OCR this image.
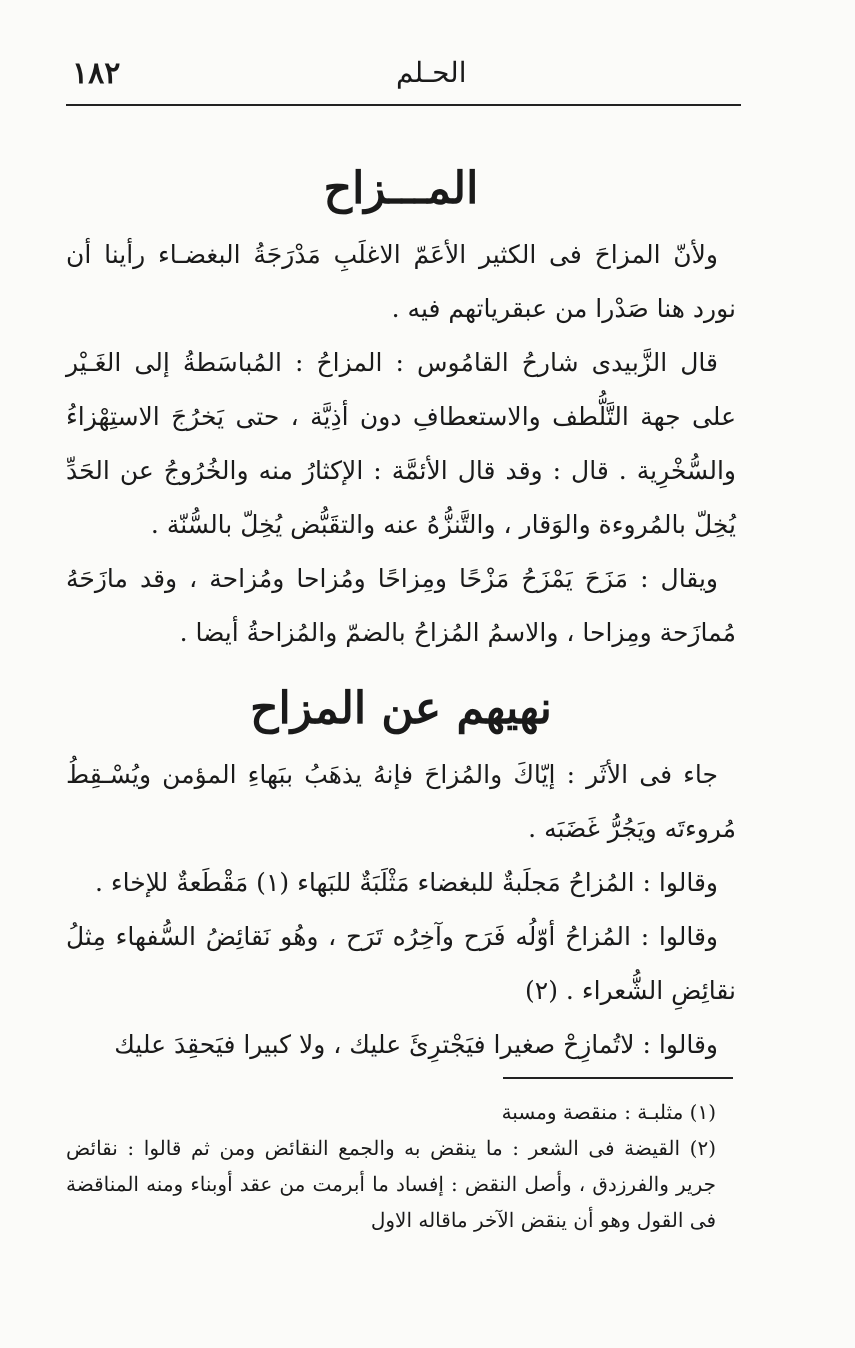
١٨٢	الحـلم
المـــزاح

ولأنّ المزاحَ فى الكثير الأعَمّ الاغلَبِ مَدْرَجَةُ البغضـاء رأينا أن نورد هنا صَدْرا من عبقرياتهم فيه .

قال الزَّبيدى شارحُ القامُوس : المزاحُ : المُباسَطةُ إلى الغَـيْر على جهة التَّلُّطف والاستعطافِ دون أذِيَّة ، حتى يَخرُجَ الاستِهْزاءُ والسُّخْرِية . قال : وقد قال الأئمَّة : الإكثارُ منه والخُرُوجُ عن الحَدِّ يُخِلّ بالمُروءة والوَقار ، والتَّنزُّهُ عنه والتقَبُّض يُخِلّ بالسُّنّة .

ويقال : مَزَحَ يَمْزَحُ مَزْحًا ومِزاحًا ومُزاحا ومُزاحة ، وقد مازَحَهُ مُمازَحة ومِزاحا ، والاسمُ المُزاحُ بالضمّ والمُزاحةُ أيضا .

نهيهم عن المزاح

جاء فى الأثَر : إيّاكَ والمُزاحَ فإنهُ يذهَبُ ببَهاءِ المؤمن ويُسْـقِطُ مُروءتَه ويَجُرُّ غَضَبَه .

وقالوا : المُزاحُ مَجلَبةٌ للبغضاء مَثْلَبَةٌ للبَهاء (١) مَقْطَعةٌ للإخاء .

وقالوا : المُزاحُ أوّلُه فَرَح وآخِرُه تَرَح ، وهُو نَقائِضُ السُّفهاء مِثلُ نقائِضِ الشُّعراء . (٢)

وقالوا : لاتُمازِحْ صغيرا فيَجْترِئَ عليك ، ولا كبيرا فيَحقِدَ عليك

(١) مثلبـة : منقصة ومسبة

(٢) القيضة فى الشعر : ما ينقض به والجمع النقائض ومن ثم قالوا : نقائض جرير والفرزدق ، وأصل النقض : إفساد ما أبرمت من عقد أوبناء ومنه المناقضة فى القول وهو أن ينقض الآخر ماقاله الاول
